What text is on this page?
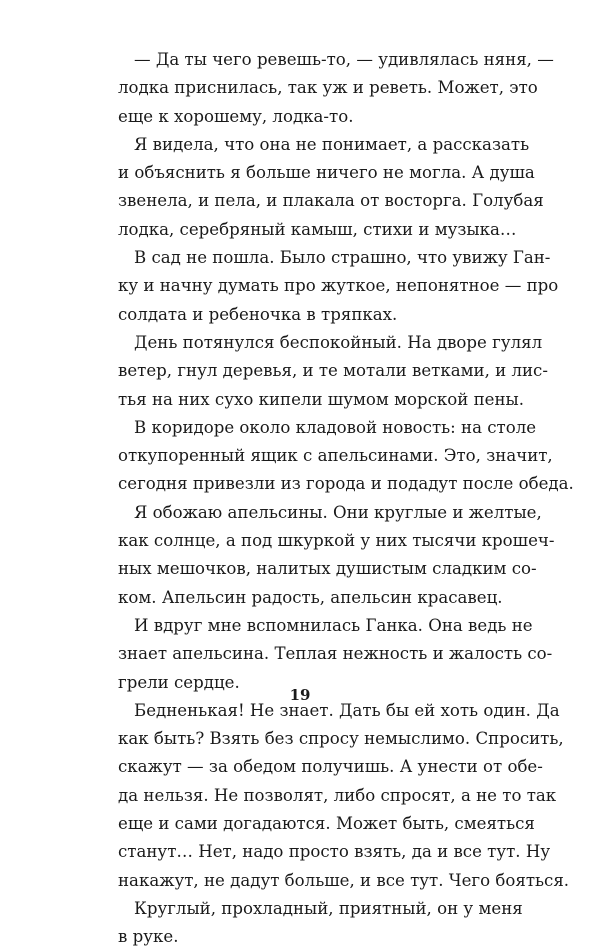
— Да ты чего ревешь-то, — удивлялась няня, —
лодка приснилась, так уж и реветь. Может, это
еще к хорошему, лодка-то.
Я видела, что она не понимает, а рассказать
и объяснить я больше ничего не могла. А душа
звенела, и пела, и плакала от восторга. Голубая
лодка, серебряный камыш, стихи и музыка…
В сад не пошла. Было страшно, что увижу Ган-
ку и начну думать про жуткое, непонятное — про
солдата и ребеночка в тряпках.
День потянулся беспокойный. На дворе гулял
ветер, гнул деревья, и те мотали ветками, и лис-
тья на них сухо кипели шумом морской пены.
В коридоре около кладовой новость: на столе
откупоренный ящик с апельсинами. Это, значит,
сегодня привезли из города и подадут после обеда.
Я обожаю апельсины. Они круглые и желтые,
как солнце, а под шкуркой у них тысячи крошеч-
ных мешочков, налитых душистым сладким со-
ком. Апельсин радость, апельсин красавец.
И вдруг мне вспомнилась Ганка. Она ведь не
знает апельсина. Теплая нежность и жалость со-
грели сердце.
Бедненькая! Не знает. Дать бы ей хоть один. Да
как быть? Взять без спросу немыслимо. Спросить,
скажут — за обедом получишь. А унести от обе-
да нельзя. Не позволят, либо спросят, а не то так
еще и сами догадаются. Может быть, смеяться
станут… Нет, надо просто взять, да и все тут. Ну
накажут, не дадут больше, и все тут. Чего бояться.
Круглый, прохладный, приятный, он у меня
в руке.
19
